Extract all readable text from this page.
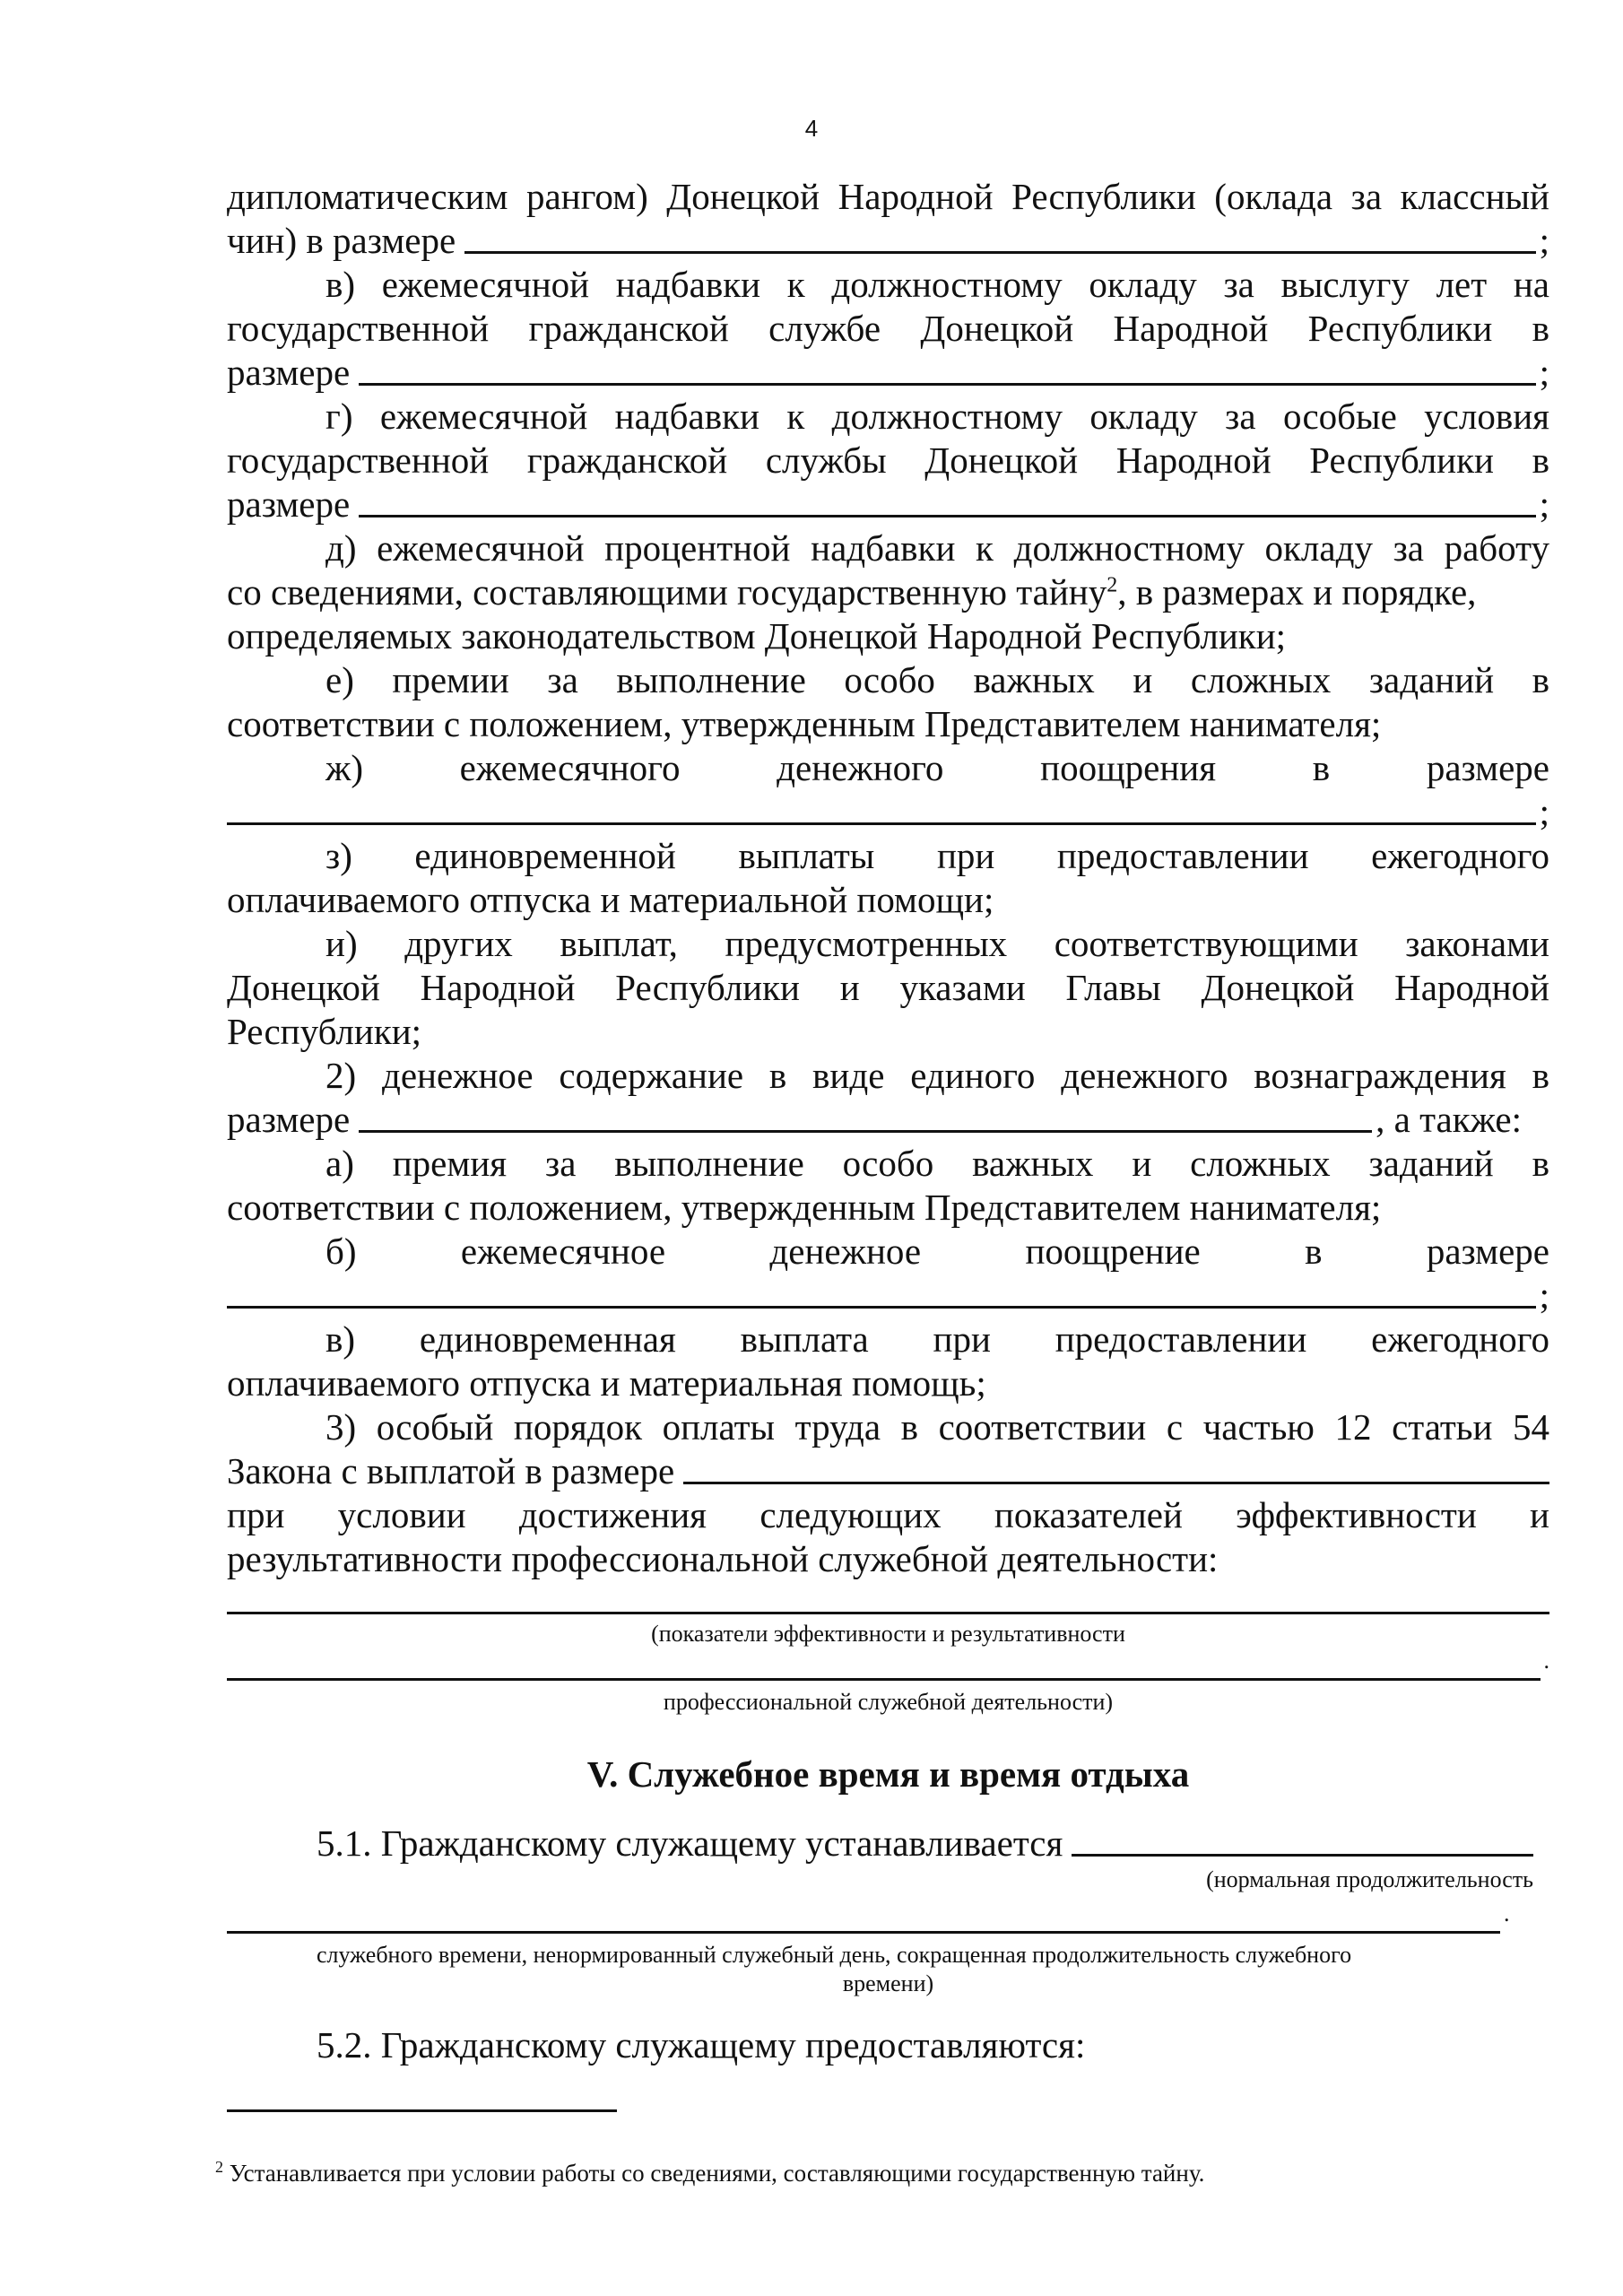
4
дипломатическим рангом) Донецкой Народной Республики (оклада за классный
чин) в размере	;
в) ежемесячной надбавки к должностному окладу за выслугу лет на
государственной гражданской службе Донецкой Народной Республики в
размере	;
г) ежемесячной надбавки к должностному окладу за особые условия
государственной гражданской службы Донецкой Народной Республики в
размере	;
д) ежемесячной процентной надбавки к должностному окладу за работу
со сведениями, составляющими государственную тайну$^2$, в размерах и порядке,
определяемых законодательством Донецкой Народной Республики;
е) премии за выполнение особо важных и сложных заданий в
соответствии с положением, утвержденным Представителем нанимателя;
ж) ежемесячного денежного поощрения в размере
;
з) единовременной выплаты при предоставлении ежегодного
оплачиваемого отпуска и материальной помощи;
и) других выплат, предусмотренных соответствующими законами
Донецкой Народной Республики и указами Главы Донецкой Народной
Республики;
2) денежное содержание в виде единого денежного вознаграждения в
размере	, а также:
а) премия за выполнение особо важных и сложных заданий в
соответствии с положением, утвержденным Представителем нанимателя;
б) ежемесячное денежное поощрение в размере
;
в) единовременная выплата при предоставлении ежегодного
оплачиваемого отпуска и материальная помощь;
3) особый порядок оплаты труда в соответствии с частью 12 статьи 54
Закона с выплатой в размере
при условии достижения следующих показателей эффективности и
результативности профессиональной служебной деятельности:
(показатели эффективности и результативности
.
профессиональной служебной деятельности)
V. Служебное время и время отдыха
5.1. Гражданскому служащему устанавливается
(нормальная продолжительность
.
служебного времени, ненормированный служебный день, сокращенная продолжительность служебного
времени)
5.2. Гражданскому служащему предоставляются:
$^2$ Устанавливается при условии работы со сведениями, составляющими государственную тайну.
